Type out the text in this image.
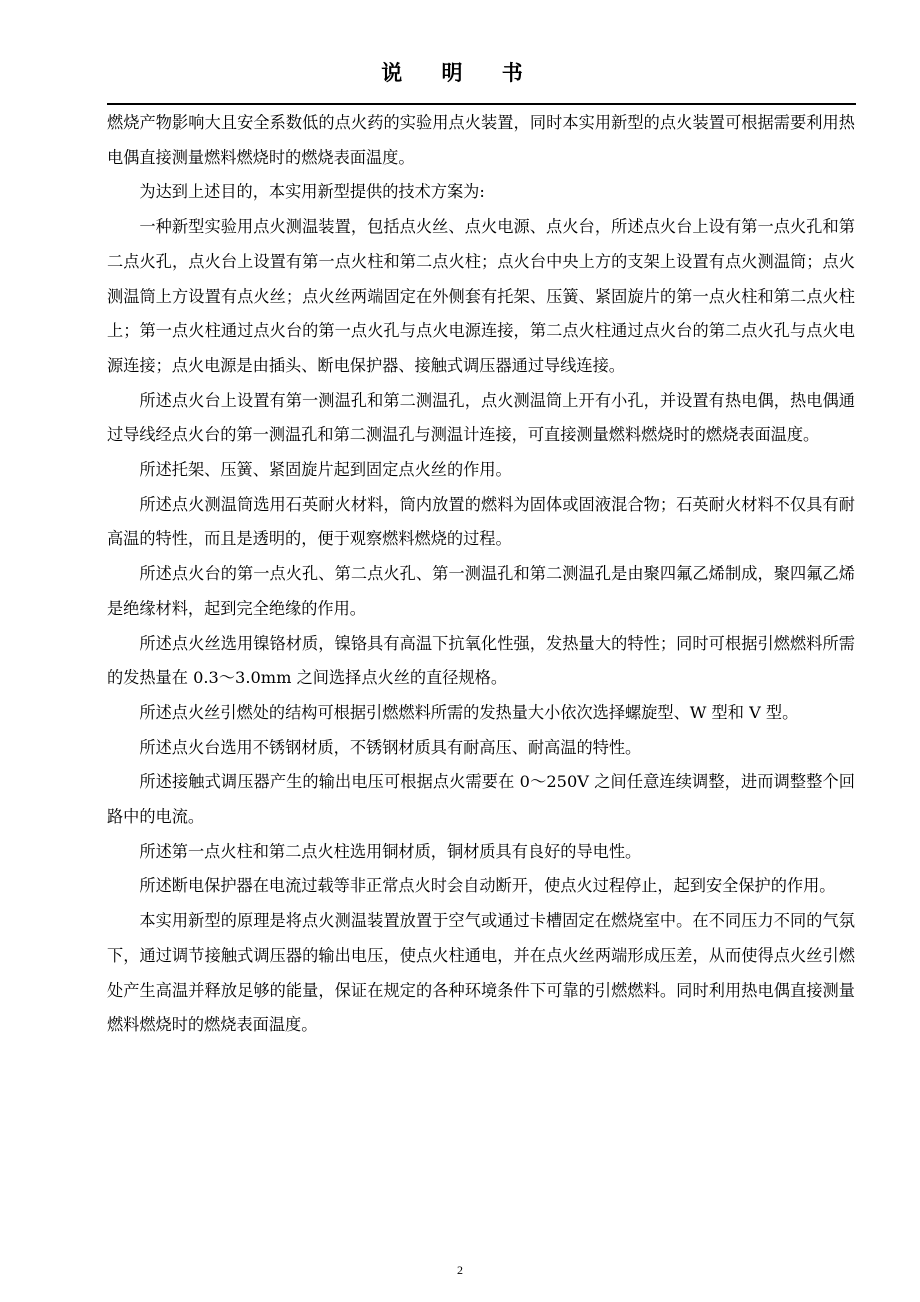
说 明 书

燃烧产物影响大且安全系数低的点火药的实验用点火装置，同时本实用新型的点火装置可根据需要利用热电偶直接测量燃料燃烧时的燃烧表面温度。

为达到上述目的，本实用新型提供的技术方案为:

一种新型实验用点火测温装置，包括点火丝、点火电源、点火台，所述点火台上设有第一点火孔和第二点火孔，点火台上设置有第一点火柱和第二点火柱；点火台中央上方的支架上设置有点火测温筒；点火测温筒上方设置有点火丝；点火丝两端固定在外侧套有托架、压簧、紧固旋片的第一点火柱和第二点火柱上；第一点火柱通过点火台的第一点火孔与点火电源连接，第二点火柱通过点火台的第二点火孔与点火电源连接；点火电源是由插头、断电保护器、接触式调压器通过导线连接。

所述点火台上设置有第一测温孔和第二测温孔，点火测温筒上开有小孔，并设置有热电偶，热电偶通过导线经点火台的第一测温孔和第二测温孔与测温计连接，可直接测量燃料燃烧时的燃烧表面温度。

所述托架、压簧、紧固旋片起到固定点火丝的作用。

所述点火测温筒选用石英耐火材料，筒内放置的燃料为固体或固液混合物；石英耐火材料不仅具有耐高温的特性，而且是透明的，便于观察燃料燃烧的过程。

所述点火台的第一点火孔、第二点火孔、第一测温孔和第二测温孔是由聚四氟乙烯制成，聚四氟乙烯是绝缘材料，起到完全绝缘的作用。

所述点火丝选用镍铬材质，镍铬具有高温下抗氧化性强，发热量大的特性；同时可根据引燃燃料所需的发热量在 0.3～3.0mm 之间选择点火丝的直径规格。

所述点火丝引燃处的结构可根据引燃燃料所需的发热量大小依次选择螺旋型、W 型和 V 型。

所述点火台选用不锈钢材质，不锈钢材质具有耐高压、耐高温的特性。

所述接触式调压器产生的输出电压可根据点火需要在 0～250V 之间任意连续调整，进而调整整个回路中的电流。

所述第一点火柱和第二点火柱选用铜材质，铜材质具有良好的导电性。

所述断电保护器在电流过载等非正常点火时会自动断开，使点火过程停止，起到安全保护的作用。

本实用新型的原理是将点火测温装置放置于空气或通过卡槽固定在燃烧室中。在不同压力不同的气氛下，通过调节接触式调压器的输出电压，使点火柱通电，并在点火丝两端形成压差，从而使得点火丝引燃处产生高温并释放足够的能量，保证在规定的各种环境条件下可靠的引燃燃料。同时利用热电偶直接测量燃料燃烧时的燃烧表面温度。

2
